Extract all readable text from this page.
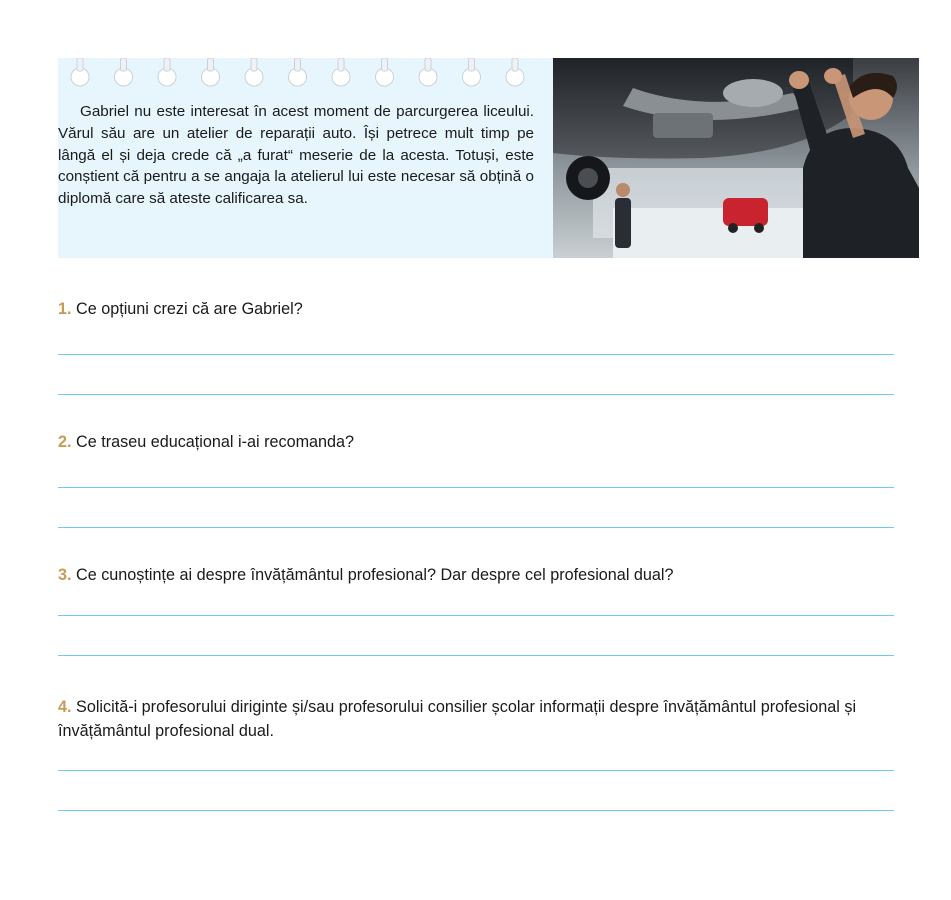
Gabriel nu este interesat în acest moment de parcurgerea liceului. Vărul său are un atelier de reparații auto. Își petrece mult timp pe lângă el și deja crede că „a furat“ meserie de la acesta. Totuși, este conștient că pentru a se angaja la atelierul lui este necesar să obțină o diplomă care să ateste calificarea sa.

1. Ce opțiuni crezi că are Gabriel?

2. Ce traseu educațional i-ai recomanda?

3. Ce cunoștințe ai despre învățământul profesional? Dar despre cel profesional dual?

4. Solicită-i profesorului diriginte și/sau profesorului consilier școlar informații despre învățământul profesional și învățământul profesional dual.
